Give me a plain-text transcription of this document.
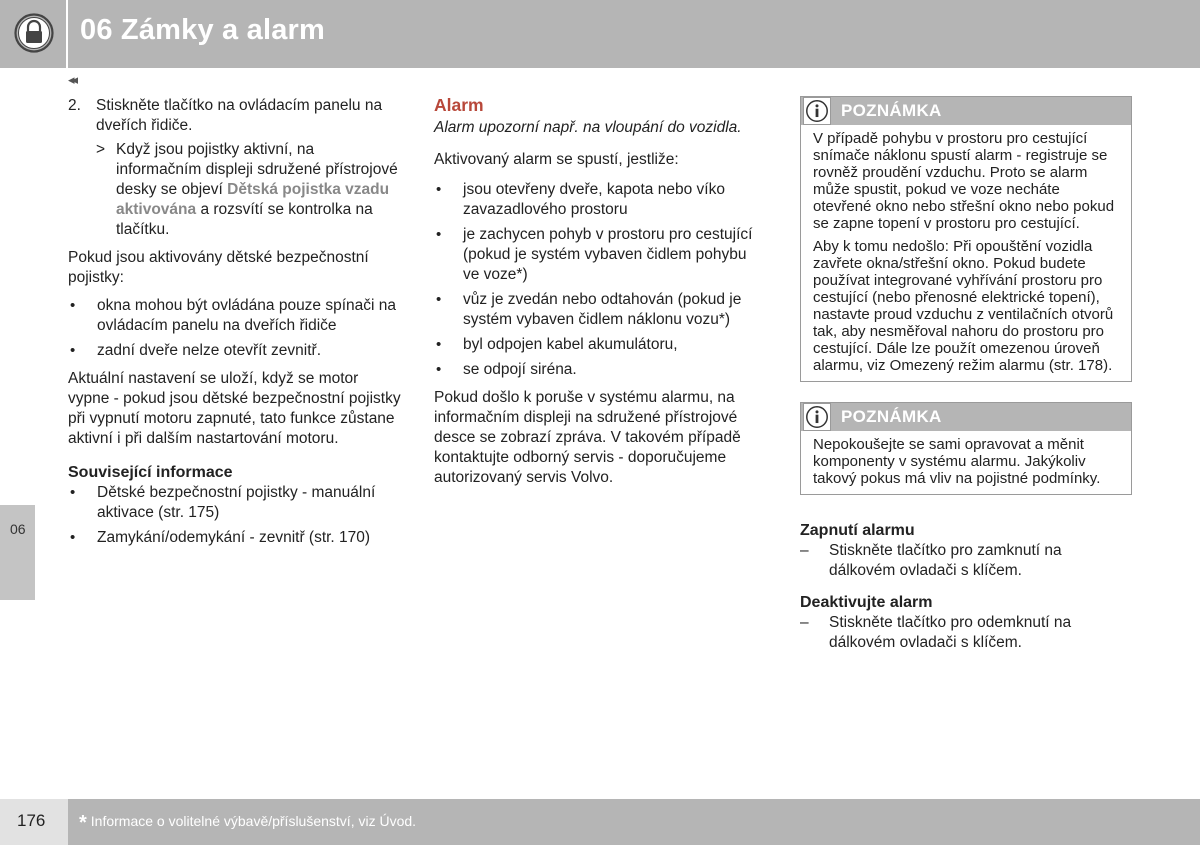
06 Zámky a alarm
◂◂
06
2. Stiskněte tlačítko na ovládacím panelu na dveřích řidiče.
> Když jsou pojistky aktivní, na informačním displeji sdružené přístrojové desky se objeví Dětská pojistka vzadu aktivována a rozsvítí se kontrolka na tlačítku.

Pokud jsou aktivovány dětské bezpečnostní pojistky:

• okna mohou být ovládána pouze spínači na ovládacím panelu na dveřích řidiče
• zadní dveře nelze otevřít zevnitř.

Aktuální nastavení se uloží, když se motor vypne - pokud jsou dětské bezpečnostní pojistky při vypnutí motoru zapnuté, tato funkce zůstane aktivní i při dalším nastartování motoru.

Související informace
• Dětské bezpečnostní pojistky - manuální aktivace (str. 175)
• Zamykání/odemykání - zevnitř (str. 170)
Alarm

Alarm upozorní např. na vloupání do vozidla.

Aktivovaný alarm se spustí, jestliže:

• jsou otevřeny dveře, kapota nebo víko zavazadlového prostoru
• je zachycen pohyb v prostoru pro cestující (pokud je systém vybaven čidlem pohybu ve voze*)
• vůz je zvedán nebo odtahován (pokud je systém vybaven čidlem náklonu vozu*)
• byl odpojen kabel akumulátoru,
• se odpojí siréna.

Pokud došlo k poruše v systému alarmu, na informačním displeji na sdružené přístrojové desce se zobrazí zpráva. V takovém případě kontaktujte odborný servis - doporučujeme autorizovaný servis Volvo.

POZNÁMKA

V případě pohybu v prostoru pro cestující snímače náklonu spustí alarm - registruje se rovněž proudění vzduchu. Proto se alarm může spustit, pokud ve voze necháte otevřené okno nebo střešní okno nebo pokud se zapne topení v prostoru pro cestující.

Aby k tomu nedošlo: Při opouštění vozidla zavřete okna/střešní okno. Pokud budete používat integrované vyhřívání prostoru pro cestující (nebo přenosné elektrické topení), nastavte proud vzduchu z ventilačních otvorů tak, aby nesměřoval nahoru do prostoru pro cestující. Dále lze použít omezenou úroveň alarmu, viz Omezený režim alarmu (str. 178).

POZNÁMKA

Nepokoušejte se sami opravovat a měnit komponenty v systému alarmu. Jakýkoliv takový pokus má vliv na pojistné podmínky.

Zapnutí alarmu
– Stiskněte tlačítko pro zamknutí na dálkovém ovladači s klíčem.
Deaktivujte alarm
– Stiskněte tlačítko pro odemknutí na dálkovém ovladači s klíčem.
176 * Informace o volitelné výbavě/příslušenství, viz Úvod.
